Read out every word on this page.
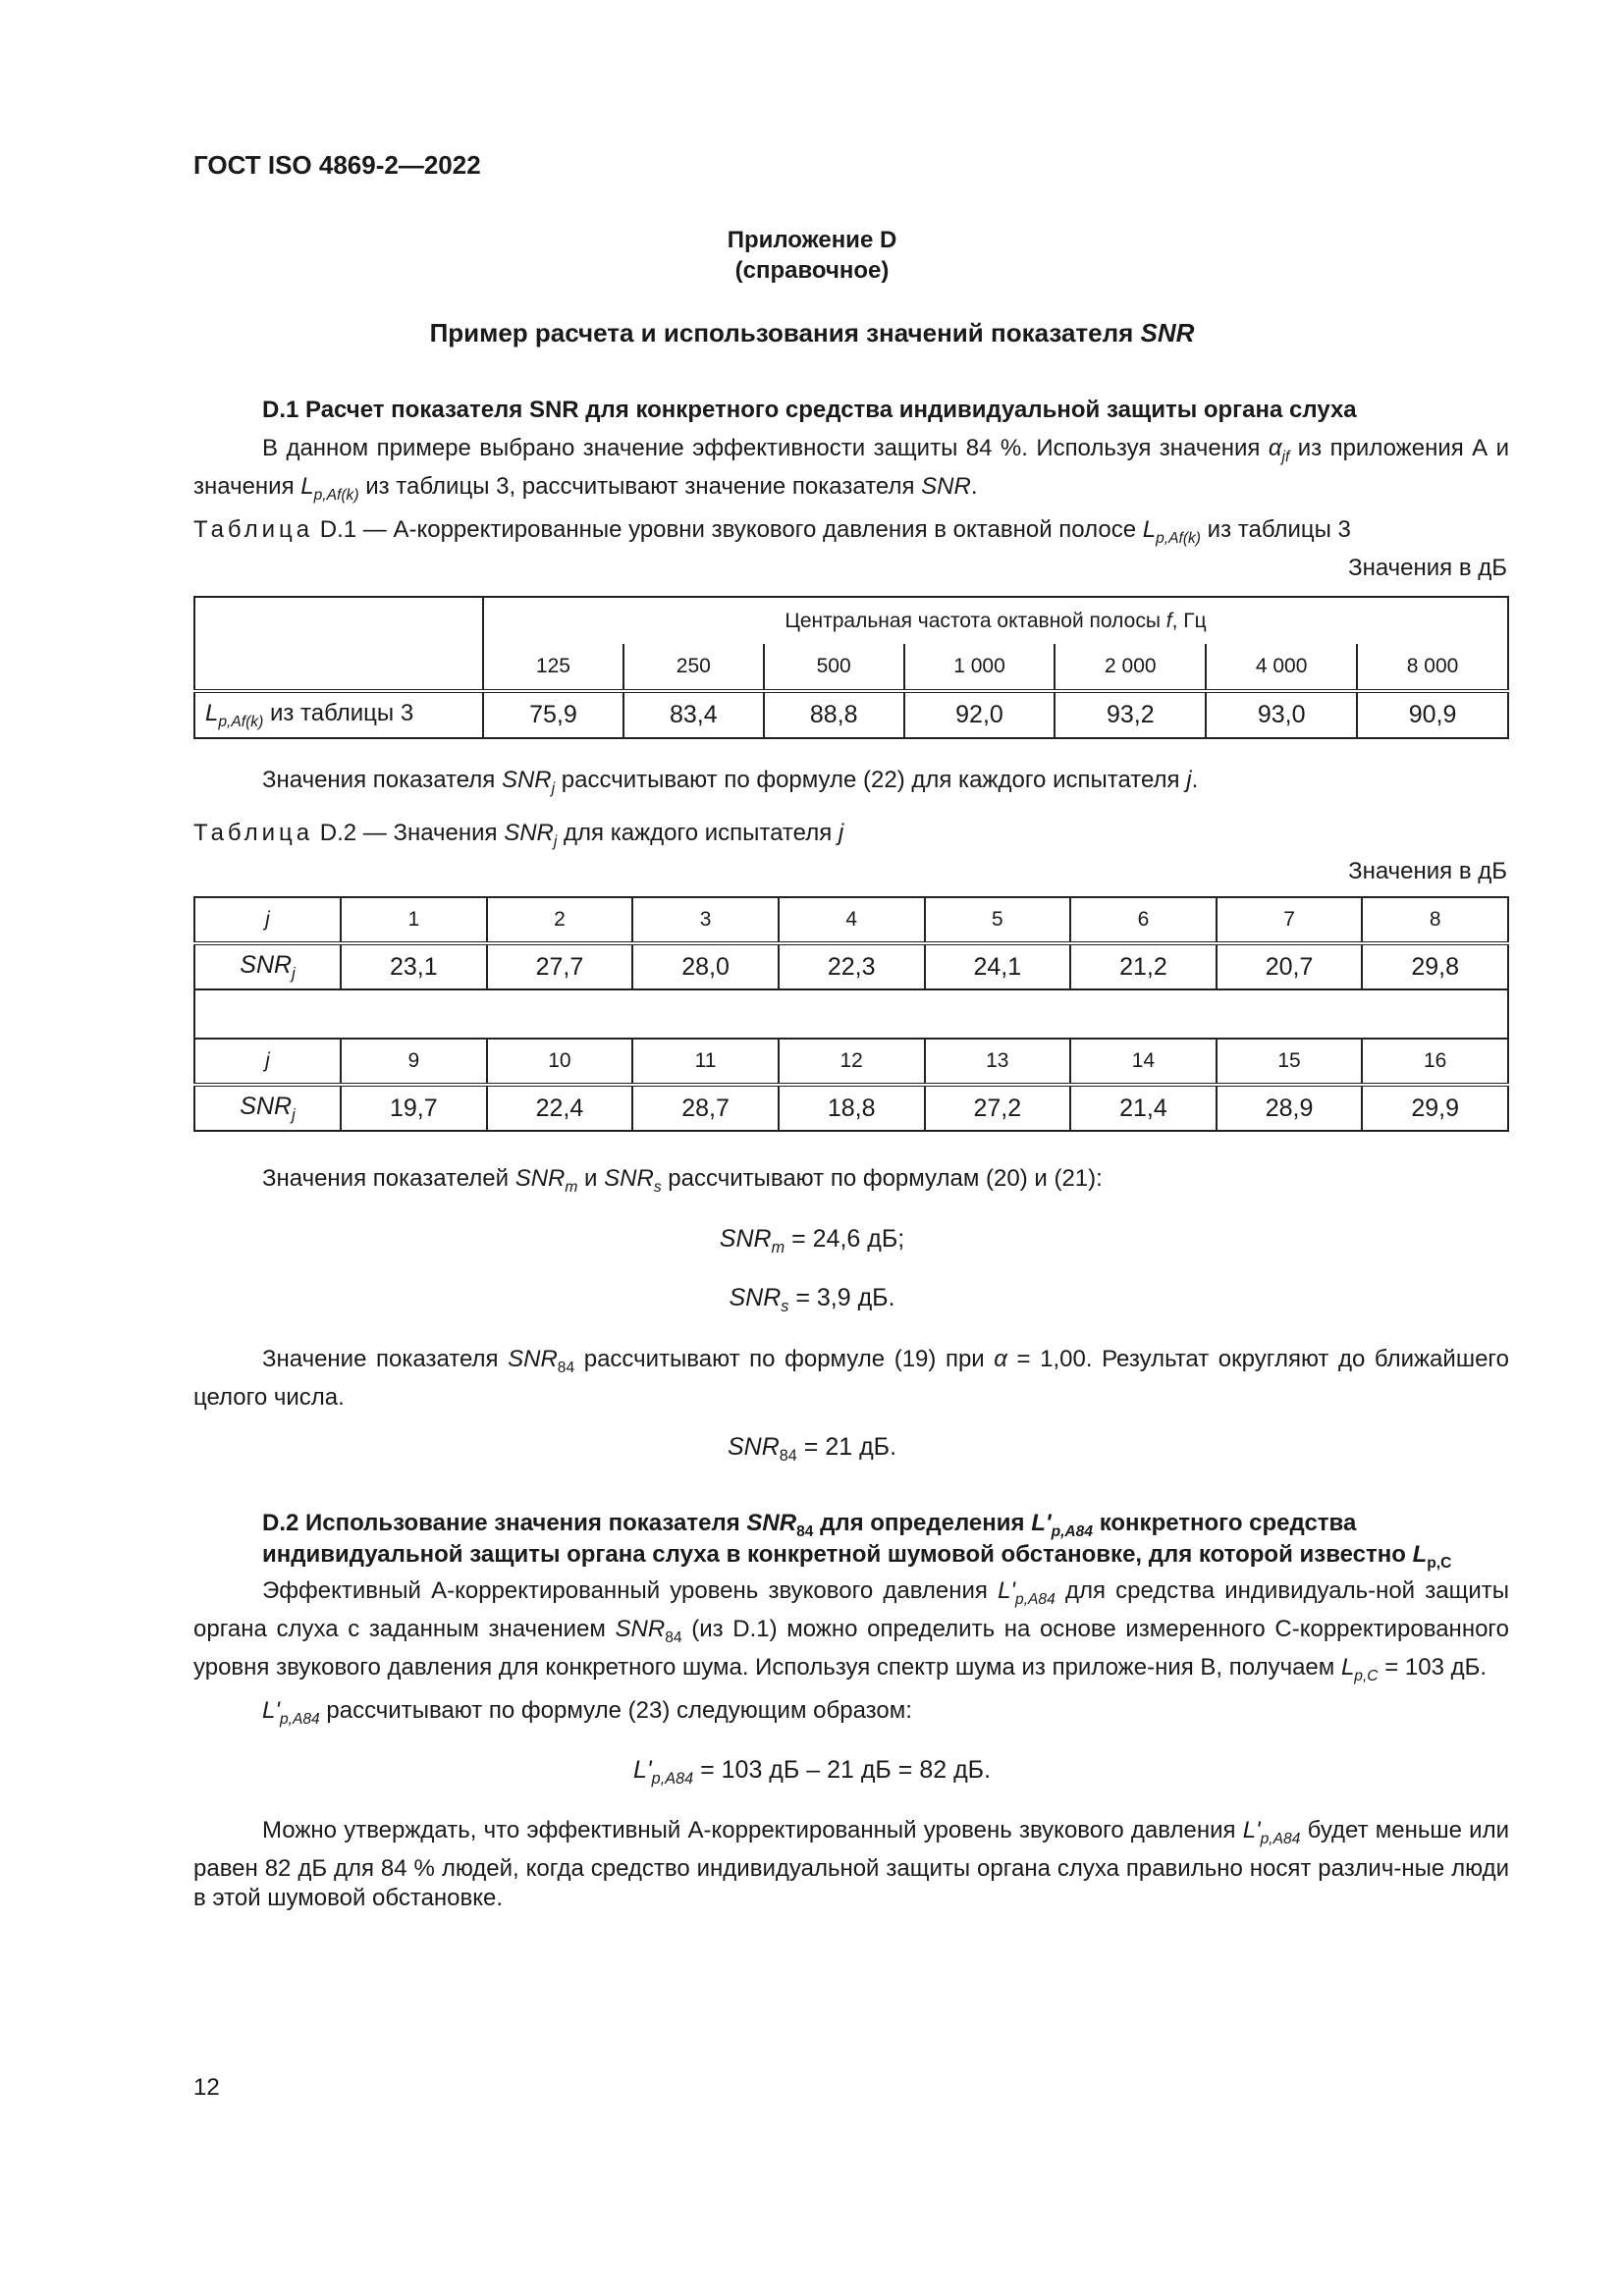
ГОСТ ISO 4869-2—2022
Приложение D
(справочное)
Пример расчета и использования значений показателя SNR
D.1 Расчет показателя SNR для конкретного средства индивидуальной защиты органа слуха
В данном примере выбрано значение эффективности защиты 84 %. Используя значения $\alpha_{jf}$ из приложения А и значения $L_{p,Af(k)}$ из таблицы 3, рассчитывают значение показателя SNR.
Таблица D.1 — А-корректированные уровни звукового давления в октавной полосе $L_{p,Af(k)}$ из таблицы 3
Значения в дБ
	Центральная частота октавной полосы f, Гц						
	125	250	500	1 000	2 000	4 000	8 000
$L_{p,Af(k)}$ из таблицы 3	75,9	83,4	88,8	92,0	93,2	93,0	90,9
Значения показателя $SNR_j$ рассчитывают по формуле (22) для каждого испытателя j.
Таблица D.2 — Значения $SNR_j$ для каждого испытателя j
Значения в дБ
j	1	2	3	4	5	6	7	8
$SNR_j$	23,1	27,7	28,0	22,3	24,1	21,2	20,7	29,8

j	9	10	11	12	13	14	15	16
$SNR_j$	19,7	22,4	28,7	18,8	27,2	21,4	28,9	29,9
Значения показателей $SNR_m$ и $SNR_s$ рассчитывают по формулам (20) и (21):
$SNR_m = 24,6$ дБ;
$SNR_s = 3,9$ дБ.
Значение показателя $SNR_{84}$ рассчитывают по формуле (19) при α = 1,00. Результат округляют до ближайшего целого числа.
$SNR_{84} = 21$ дБ.
D.2 Использование значения показателя $SNR_{84}$ для определения $L'_{p,A84}$ конкретного средства
индивидуальной защиты органа слуха в конкретной шумовой обстановке, для которой известно $L_{p,C}$
Эффективный А-корректированный уровень звукового давления $L'_{p,A84}$ для средства индивидуаль-ной защиты органа слуха с заданным значением $SNR_{84}$ (из D.1) можно определить на основе измеренного С-корректированного уровня звукового давления для конкретного шума. Используя спектр шума из приложе-ния В, получаем $L_{p,C} = 103$ дБ.
$L'_{p,A84}$ рассчитывают по формуле (23) следующим образом:
$L'_{p,A84} = 103$ дБ – 21 дБ = 82 дБ.
Можно утверждать, что эффективный А-корректированный уровень звукового давления $L'_{p,A84}$ будет меньше или равен 82 дБ для 84 % людей, когда средство индивидуальной защиты органа слуха правильно носят различ-ные люди в этой шумовой обстановке.
12
